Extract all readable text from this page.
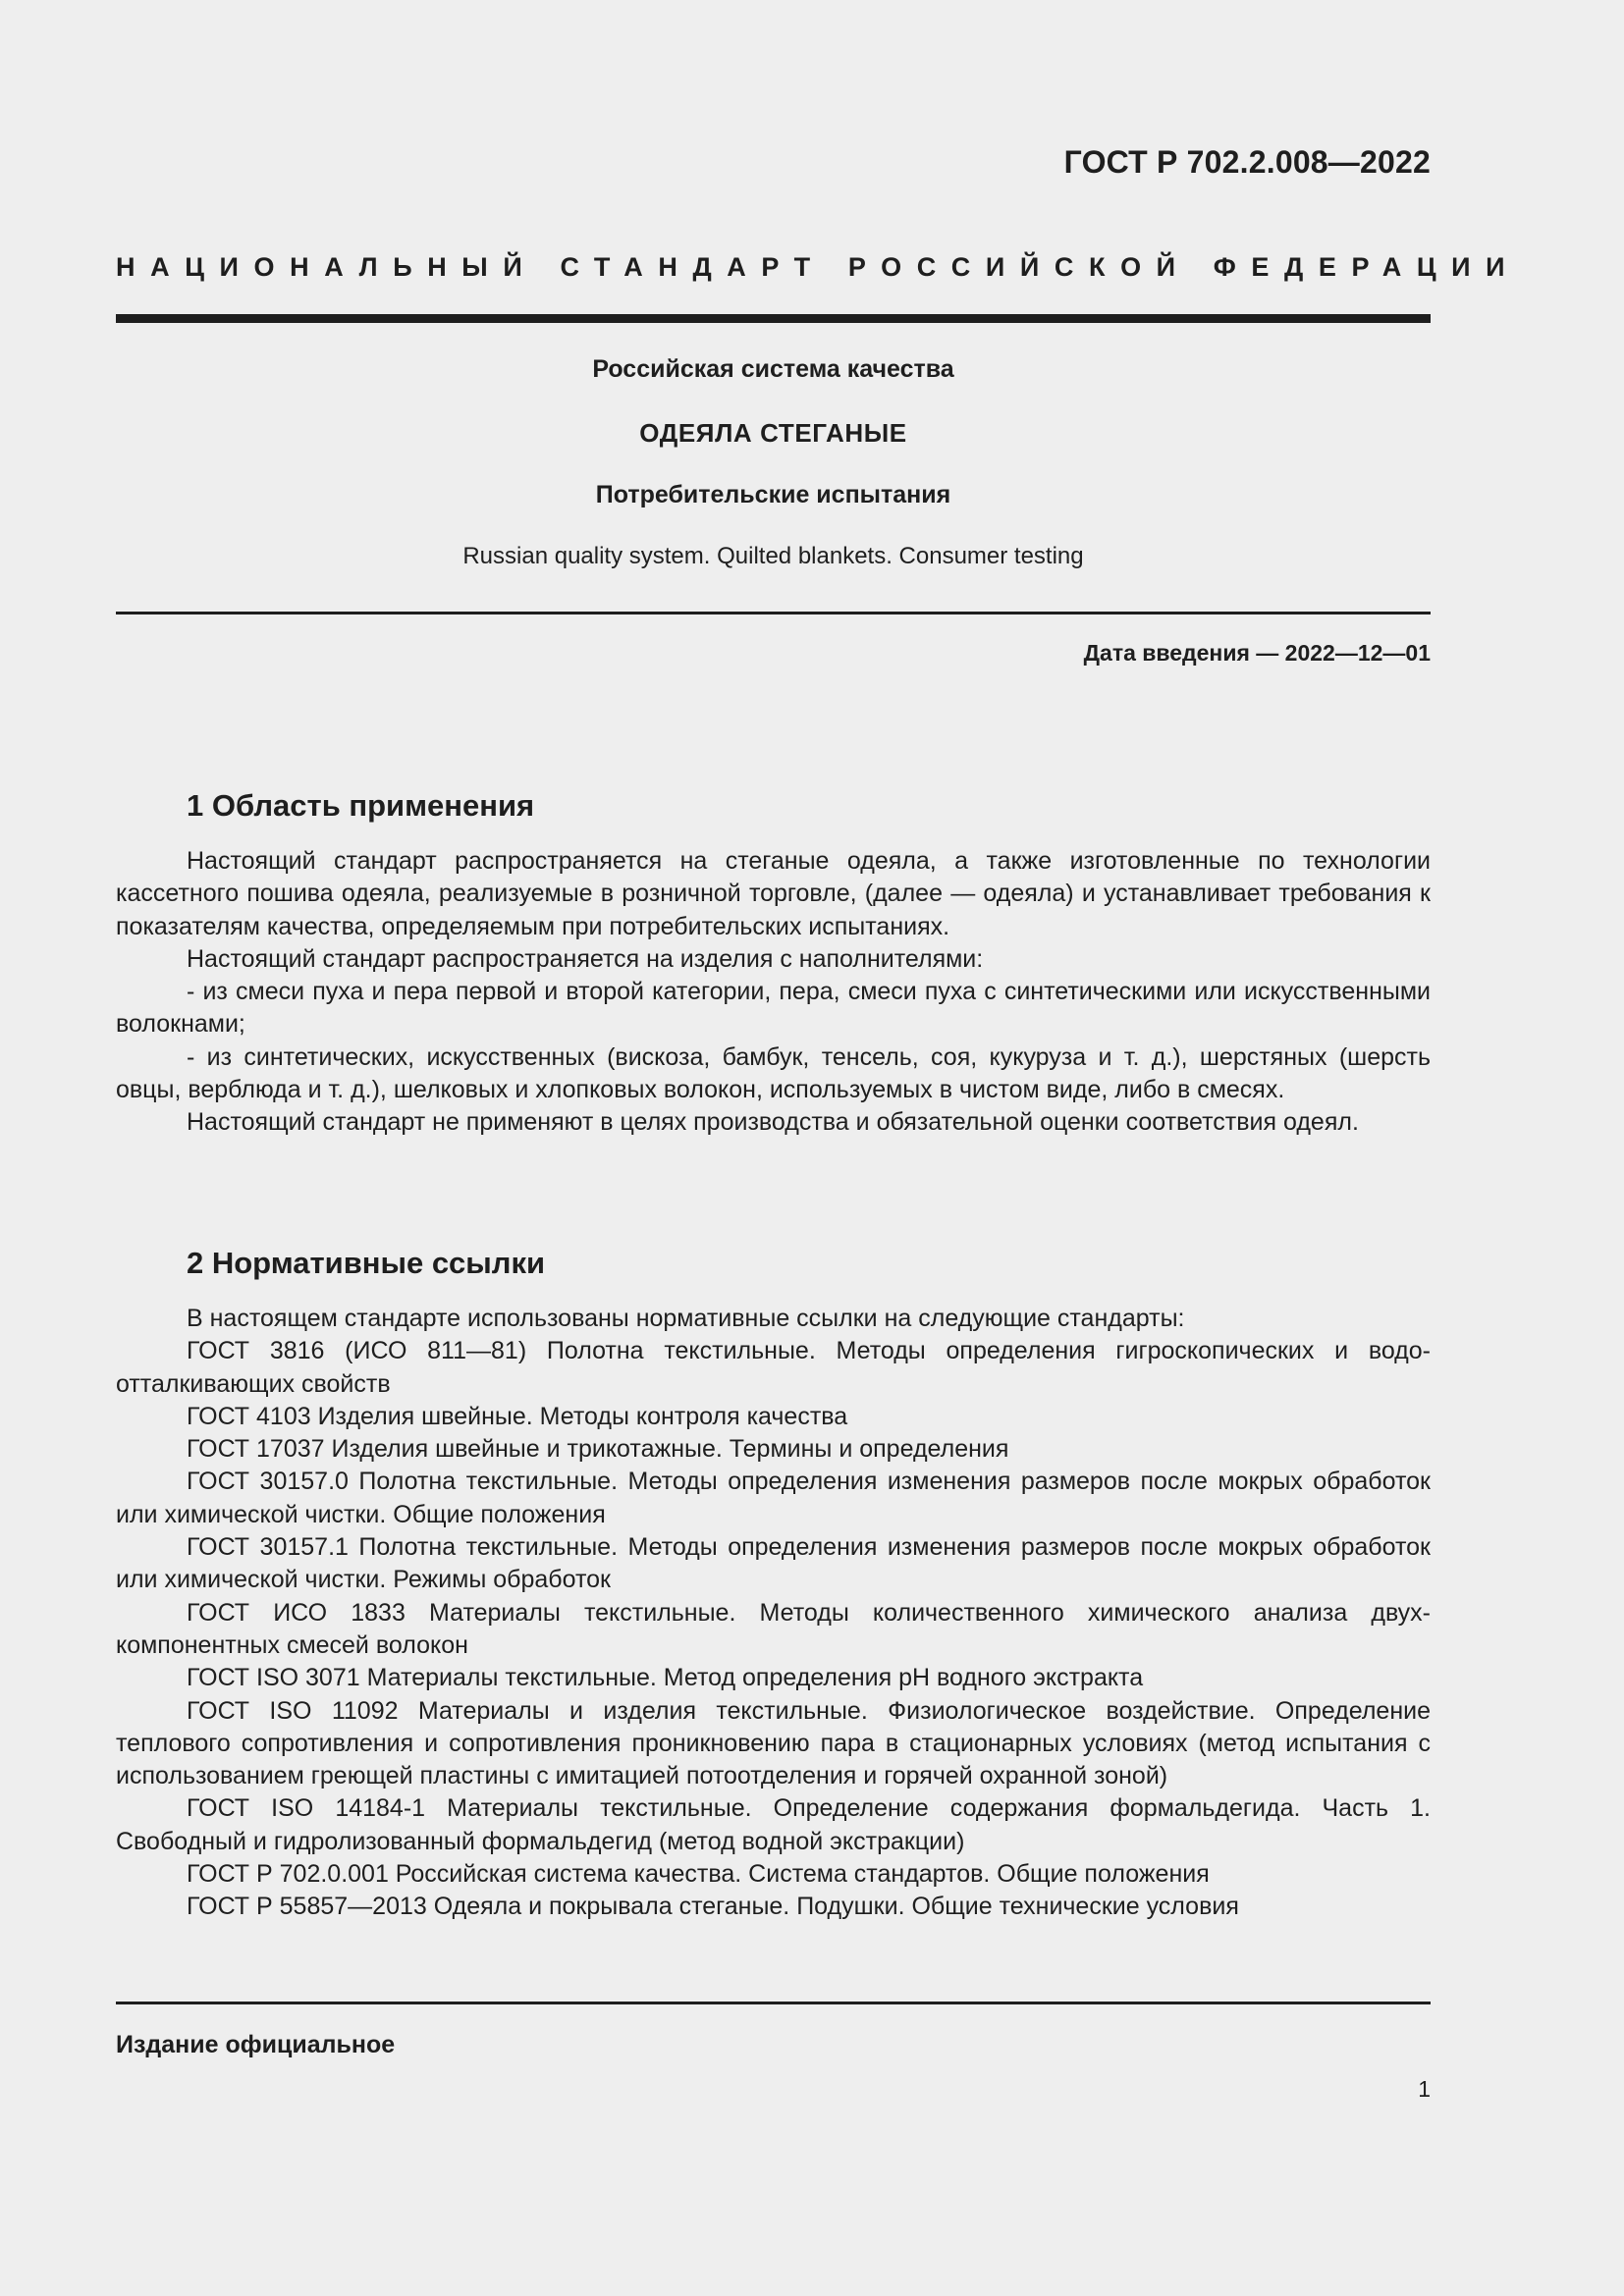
ГОСТ Р 702.2.008—2022
НАЦИОНАЛЬНЫЙ СТАНДАРТ РОССИЙСКОЙ ФЕДЕРАЦИИ
Российская система качества
ОДЕЯЛА СТЕГАНЫЕ
Потребительские испытания
Russian quality system. Quilted blankets. Consumer testing
Дата введения — 2022—12—01
1 Область применения

Настоящий стандарт распространяется на стеганые одеяла, а также изготовленные по технологии кассетного пошива одеяла, реализуемые в розничной торговле, (далее — одеяла) и устанавливает требования к показателям качества, определяемым при потребительских испытаниях.

Настоящий стандарт распространяется на изделия с наполнителями:

- из смеси пуха и пера первой и второй категории, пера, смеси пуха с синтетическими или искусственными волокнами;

- из синтетических, искусственных (вискоза, бамбук, тенсель, соя, кукуруза и т. д.), шерстяных (шерсть овцы, верблюда и т. д.), шелковых и хлопковых волокон, используемых в чистом виде, либо в смесях.

Настоящий стандарт не применяют в целях производства и обязательной оценки соответствия одеял.

2 Нормативные ссылки

В настоящем стандарте использованы нормативные ссылки на следующие стандарты:

ГОСТ 3816 (ИСО 811—81) Полотна текстильные. Методы определения гигроскопических и водоотталкивающих свойств

ГОСТ 4103 Изделия швейные. Методы контроля качества

ГОСТ 17037 Изделия швейные и трикотажные. Термины и определения

ГОСТ 30157.0 Полотна текстильные. Методы определения изменения размеров после мокрых обработок или химической чистки. Общие положения

ГОСТ 30157.1 Полотна текстильные. Методы определения изменения размеров после мокрых обработок или химической чистки. Режимы обработок

ГОСТ ИСО 1833 Материалы текстильные. Методы количественного химического анализа двухкомпонентных смесей волокон

ГОСТ ISO 3071 Материалы текстильные. Метод определения pH водного экстракта

ГОСТ ISO 11092 Материалы и изделия текстильные. Физиологическое воздействие. Определение теплового сопротивления и сопротивления проникновению пара в стационарных условиях (метод испытания с использованием греющей пластины с имитацией потоотделения и горячей охранной зоной)

ГОСТ ISO 14184-1 Материалы текстильные. Определение содержания формальдегида. Часть 1. Свободный и гидролизованный формальдегид (метод водной экстракции)

ГОСТ Р 702.0.001 Российская система качества. Система стандартов. Общие положения

ГОСТ Р 55857—2013 Одеяла и покрывала стеганые. Подушки. Общие технические условия

Издание официальное
1
